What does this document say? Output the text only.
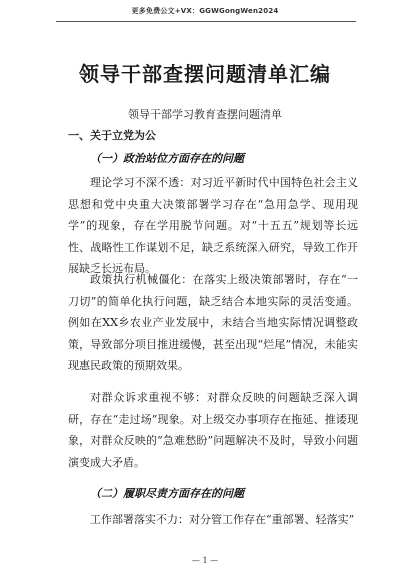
更多免费公文+VX：GGWGongWen2024
领导干部查摆问题清单汇编
领导干部学习教育查摆问题清单
一、关于立党为公
（一）政治站位方面存在的问题

理论学习不深不透：对习近平新时代中国特色社会主义思想和党中央重大决策部署学习存在“急用急学、现用现学”的现象，存在学用脱节问题。对“十五五”规划等长远性、战略性工作谋划不足，缺乏系统深入研究，导致工作开展缺乏长远布局。

政策执行机械僵化：在落实上级决策部署时，存在“一刀切”的简单化执行问题，缺乏结合本地实际的灵活变通。例如在XX乡农业产业发展中，未结合当地实际情况调整政策，导致部分项目推进缓慢，甚至出现“烂尾”情况，未能实现惠民政策的预期效果。

对群众诉求重视不够：对群众反映的问题缺乏深入调研，存在“走过场”现象。对上级交办事项存在拖延、推诿现象，对群众反映的“急难愁盼”问题解决不及时，导致小问题演变成大矛盾。

（二）履职尽责方面存在的问题

工作部署落实不力：对分管工作存在“重部署、轻落实”

— 1 —
